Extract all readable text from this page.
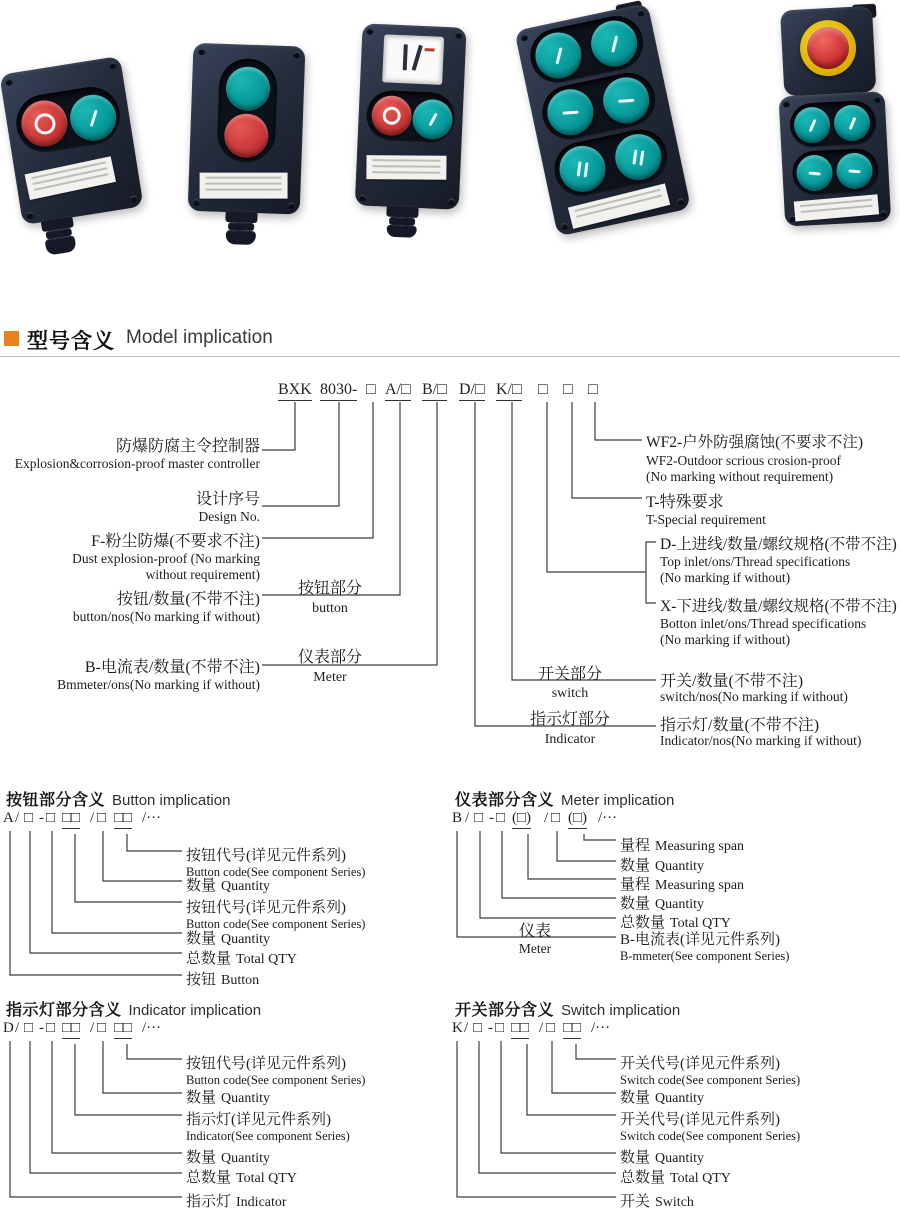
型号含义 Model implication
BXK 8030- □ A/□ B/□ D/□ K/□ □ □ □
防爆防腐主令控制器
Explosion&corrosion-proof master controller
设计序号
Design No.
F-粉尘防爆(不要求不注)
Dust explosion-proof (No marking
without requirement)
按钮/数量(不带不注)
button/nos(No marking if without)
B-电流表/数量(不带不注)
Bmmeter/ons(No marking if without)
按钮部分
button
仪表部分
Meter	开关部分
switch
指示灯部分
Indicator
WF2-户外防强腐蚀(不要求不注)
WF2-Outdoor scrious crosion-proof
(No marking without requirement)
T-特殊要求
T-Special requirement
D-上进线/数量/螺纹规格(不带不注)
Top inlet/ons/Thread specifications
(No marking if without)
X-下进线/数量/螺纹规格(不带不注)
Botton inlet/ons/Thread specifications
(No marking if without)
开关/数量(不带不注)
switch/nos(No marking if without)
指示灯/数量(不带不注)
Indicator/nos(No marking if without)
按钮部分含义 Button implication
A / □ - □ □□ / □ □□ /···
按钮代号(详见元件系列)
Button code(See component Series)
数量 Quantity
按钮代号(详见元件系列)
Button code(See component Series)
数量 Quantity
总数量 Total QTY
按钮 Button
仪表部分含义 Meter implication
B / □ - □ (□) / □ (□) /···
仪表
Meter
量程 Measuring span
数量 Quantity
量程 Measuring span
数量 Quantity
总数量 Total QTY
B-电流表(详见元件系列)
B-mmeter(See component Series)
指示灯部分含义 Indicator implication
D / □ - □ □□ / □ □□ /···
按钮代号(详见元件系列)
Button code(See component Series)
数量 Quantity
指示灯(详见元件系列)
Indicator(See component Series)
数量 Quantity
总数量 Total QTY
指示灯 Indicator
开关部分含义 Switch implication
K / □ - □ □□ / □ □□ /···
开关代号(详见元件系列)
Switch code(See component Series)
数量 Quantity
开关代号(详见元件系列)
Switch code(See component Series)
数量 Quantity
总数量 Total QTY
开关 Switch
